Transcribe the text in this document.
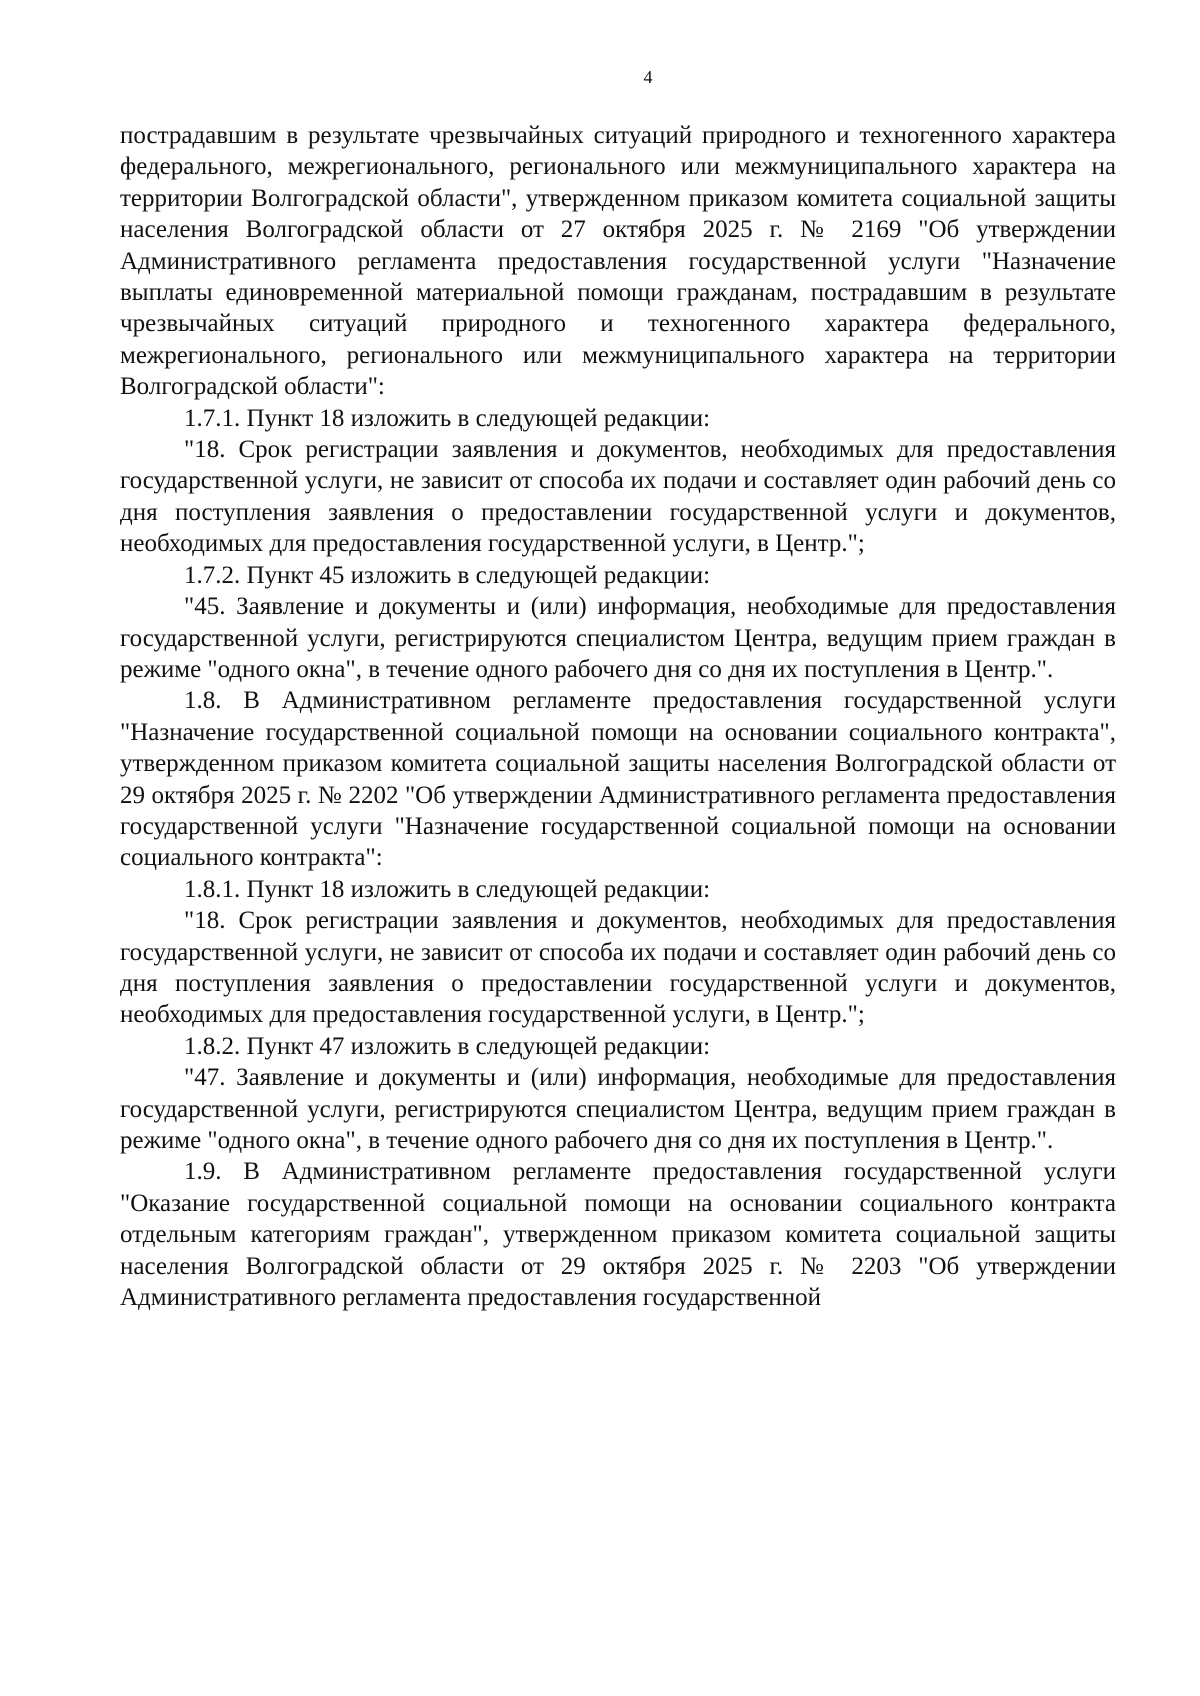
4

пострадавшим в результате чрезвычайных ситуаций природного и техногенного характера федерального, межрегионального, регионального или межмуниципального характера на территории Волгоградской области", утвержденном приказом комитета социальной защиты населения Волгоградской области от 27 октября 2025 г. № 2169 "Об утверждении Административного регламента предоставления государственной услуги "Назначение выплаты единовременной материальной помощи гражданам, пострадавшим в результате чрезвычайных ситуаций природного и техногенного характера федерального, межрегионального, регионального или межмуниципального характера на территории Волгоградской области":

1.7.1. Пункт 18 изложить в следующей редакции:

"18. Срок регистрации заявления и документов, необходимых для предоставления государственной услуги, не зависит от способа их подачи и составляет один рабочий день со дня поступления заявления о предоставлении государственной услуги и документов, необходимых для предоставления государственной услуги, в Центр.";

1.7.2. Пункт 45 изложить в следующей редакции:

"45. Заявление и документы и (или) информация, необходимые для предоставления государственной услуги, регистрируются специалистом Центра, ведущим прием граждан в режиме "одного окна", в течение одного рабочего дня со дня их поступления в Центр.".

1.8. В Административном регламенте предоставления государственной услуги "Назначение государственной социальной помощи на основании социального контракта", утвержденном приказом комитета социальной защиты населения Волгоградской области от 29 октября 2025 г. № 2202 "Об утверждении Административного регламента предоставления государственной услуги "Назначение государственной социальной помощи на основании социального контракта":

1.8.1. Пункт 18 изложить в следующей редакции:

"18. Срок регистрации заявления и документов, необходимых для предоставления государственной услуги, не зависит от способа их подачи и составляет один рабочий день со дня поступления заявления о предоставлении государственной услуги и документов, необходимых для предоставления государственной услуги, в Центр.";

1.8.2. Пункт 47 изложить в следующей редакции:

"47. Заявление и документы и (или) информация, необходимые для предоставления государственной услуги, регистрируются специалистом Центра, ведущим прием граждан в режиме "одного окна", в течение одного рабочего дня со дня их поступления в Центр.".

1.9. В Административном регламенте предоставления государственной услуги "Оказание государственной социальной помощи на основании социального контракта отдельным категориям граждан", утвержденном приказом комитета социальной защиты населения Волгоградской области от 29 октября 2025 г. № 2203 "Об утверждении Административного регламента предоставления государственной
